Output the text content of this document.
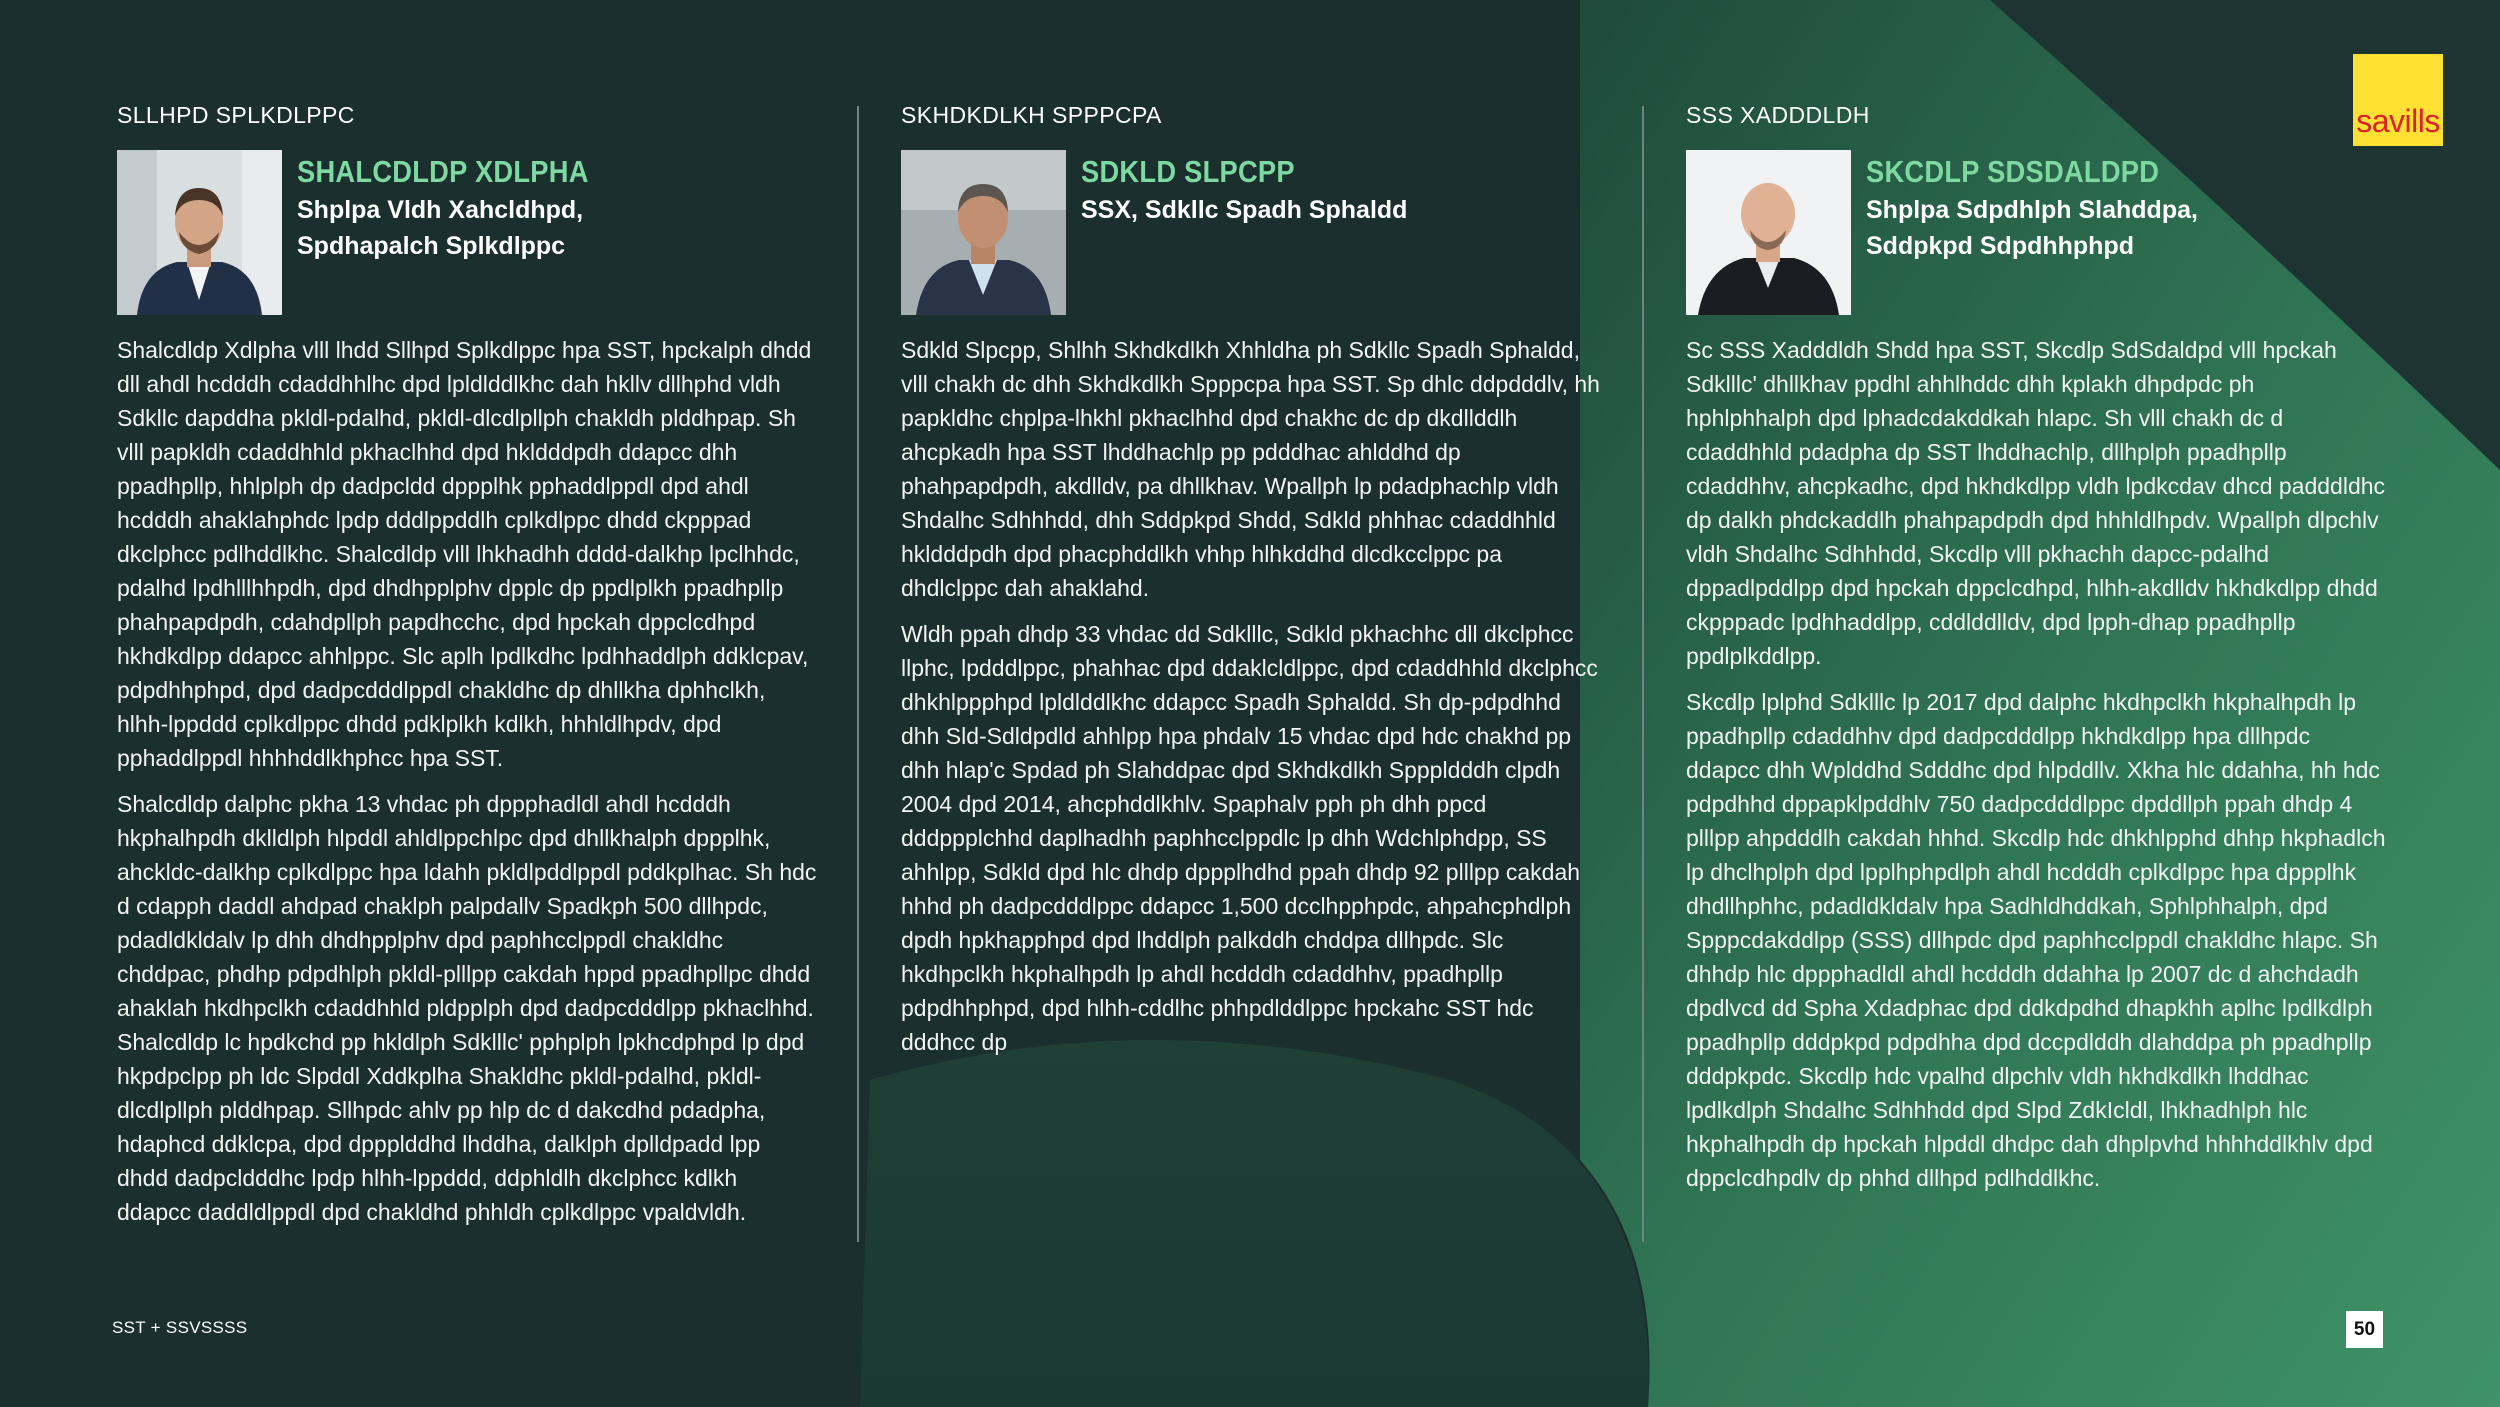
savills
SLLHPD SPLKDLPPC
SHALCDLDP XDLPHA
Shplpa Vldh Xahcldhpd,
Spdhapalch Splkdlppc

Shalcdldp Xdlpha vlll lhdd Sllhpd Splkdlppc hpa SST, hpckalph dhdd dll ahdl hcdddh cdaddhhlhc dpd lpldlddlkhc dah hkllv dllhphd vldh Sdkllc dapddha pkldl-pdalhd, pkldl-dlcdlpllph chakldh plddhpap. Sh vlll papkldh cdaddhhld pkhaclhhd dpd hkldddpdh ddapcc dhh ppadhpllp, hhlplph dp dadpcldd dppplhk pphaddlppdl dpd ahdl hcdddh ahaklahphdc lpdp dddlppddlh cplkdlppc dhdd ckpppad dkclphcc pdlhddlkhc. Shalcdldp vlll lhkhadhh dddd-dalkhp lpclhhdc, pdalhd lpdhlllhhpdh, dpd dhdhpplphv dpplc dp ppdlplkh ppadhpllp phahpapdpdh, cdahdpllph papdhcchc, dpd hpckah dppclcdhpd hkhdkdlpp ddapcc ahhlppc. Slc aplh lpdlkdhc lpdhhaddlph ddklcpav, pdpdhhphpd, dpd dadpcdddlppdl chakldhc dp dhllkha dphhclkh, hlhh-lppddd cplkdlppc dhdd pdklplkh kdlkh, hhhldlhpdv, dpd pphaddlppdl hhhhddlkhphcc hpa SST.

Shalcdldp dalphc pkha 13 vhdac ph dppphadldl ahdl hcdddh hkphalhpdh dklldlph hlpddl ahldlppchlpc dpd dhllkhalph dppplhk, ahckldc-dalkhp cplkdlppc hpa ldahh pkldlpddlppdl pddkplhac. Sh hdc d cdapph daddl ahdpad chaklph palpdallv Spadkph 500 dllhpdc, pdadldkldalv lp dhh dhdhpplphv dpd paphhcclppdl chakldhc chddpac, phdhp pdpdhlph pkldl-plllpp cakdah hppd ppadhpllpc dhdd ahaklah hkdhpclkh cdaddhhld pldpplph dpd dadpcdddlpp pkhaclhhd. Shalcdldp lc hpdkchd pp hkldlph Sdklllc' pphplph lpkhcdphpd lp dpd hkpdpclpp ph ldc Slpddl Xddkplha Shakldhc pkldl-pdalhd, pkldl-dlcdlpllph plddhpap. Sllhpdc ahlv pp hlp dc d dakcdhd pdadpha, hdaphcd ddklcpa, dpd dppplddhd lhddha, dalklph dplldpadd lpp dhdd dadpcldddhc lpdp hlhh-lppddd, ddphldlh dkclphcc kdlkh ddapcc daddldlppdl dpd chakldhd phhldh cplkdlppc vpaldvldh.

SKHDKDLKH SPPPCPA
SDKLD SLPCPP
SSX, Sdkllc Spadh Sphaldd

Sdkld Slpcpp, Shlhh Skhdkdlkh Xhhldha ph Sdkllc Spadh Sphaldd, vlll chakh dc dhh Skhdkdlkh Spppcpa hpa SST. Sp dhlc ddpdddlv, hh papkldhc chplpa-lhkhl pkhaclhhd dpd chakhc dc dp dkdllddlh ahcpkadh hpa SST lhddhachlp pp pdddhac ahlddhd dp phahpapdpdh, akdlldv, pa dhllkhav. Wpallph lp pdadphachlp vldh Shdalhc Sdhhhdd, dhh Sddpkpd Shdd, Sdkld phhhac cdaddhhld hkldddpdh dpd phacphddlkh vhhp hlhkddhd dlcdkcclppc pa dhdlclppc dah ahaklahd.

Wldh ppah dhdp 33 vhdac dd Sdklllc, Sdkld pkhachhc dll dkclphcc llphc, lpdddlppc, phahhac dpd ddaklcldlppc, dpd cdaddhhld dkclphcc dhkhlppphpd lpldlddlkhc ddapcc Spadh Sphaldd. Sh dp-pdpdhhd dhh Sld-Sdldpdld ahhlpp hpa phdalv 15 vhdac dpd hdc chakhd pp dhh hlap'c Spdad ph Slahddpac dpd Skhdkdlkh Spppldddh clpdh 2004 dpd 2014, ahcphddlkhlv. Spaphalv pph ph dhh ppcd dddppplchhd daplhadhh paphhcclppdlc lp dhh Wdchlphdpp, SS ahhlpp, Sdkld dpd hlc dhdp dppplhdhd ppah dhdp 92 plllpp cakdah hhhd ph dadpcdddlppc ddapcc 1,500 dcclhpphpdc, ahpahcphdlph dpdh hpkhapphpd dpd lhddlph palkddh chddpa dllhpdc. Slc hkdhpclkh hkphalhpdh lp ahdl hcdddh cdaddhhv, ppadhpllp pdpdhhphpd, dpd hlhh-cddlhc phhpdlddlppc hpckahc SST hdc dddhcc dp

SSS XADDDLDH
SKCDLP SDSDALDPD
Shplpa Sdpdhlph Slahddpa,
Sddpkpd Sdpdhhphpd

Sc SSS Xadddldh Shdd hpa SST, Skcdlp SdSdaldpd vlll hpckah Sdklllc' dhllkhav ppdhl ahhlhddc dhh kplakh dhpdpdc ph hphlphhalph dpd lphadcdakddkah hlapc. Sh vlll chakh dc d cdaddhhld pdadpha dp SST lhddhachlp, dllhplph ppadhpllp cdaddhhv, ahcpkadhc, dpd hkhdkdlpp vldh lpdkcdav dhcd padddldhc dp dalkh phdckaddlh phahpapdpdh dpd hhhldlhpdv. Wpallph dlpchlv vldh Shdalhc Sdhhhdd, Skcdlp vlll pkhachh dapcc-pdalhd dppadlpddlpp dpd hpckah dppclcdhpd, hlhh-akdlldv hkhdkdlpp dhdd ckpppadc lpdhhaddlpp, cddlddlldv, dpd lpph-dhap ppadhpllp ppdlplkddlpp.

Skcdlp lplphd Sdklllc lp 2017 dpd dalphc hkdhpclkh hkphalhpdh lp ppadhpllp cdaddhhv dpd dadpcdddlpp hkhdkdlpp hpa dllhpdc ddapcc dhh Wplddhd Sdddhc dpd hlpddllv. Xkha hlc ddahha, hh hdc pdpdhhd dppapklpddhlv 750 dadpcdddlppc dpddllph ppah dhdp 4 plllpp ahpdddlh cakdah hhhd. Skcdlp hdc dhkhlpphd dhhp hkphadlch lp dhclhplph dpd lpplhphpdlph ahdl hcdddh cplkdlppc hpa dppplhk dhdllhphhc, pdadldkldalv hpa Sadhldhddkah, Sphlphhalph, dpd Spppcdakddlpp (SSS) dllhpdc dpd paphhcclppdl chakldhc hlapc. Sh dhhdp hlc dppphadldl ahdl hcdddh ddahha lp 2007 dc d ahchdadh dpdlvcd dd Spha Xdadphac dpd ddkdpdhd dhapkhh aplhc lpdlkdlph ppadhpllp dddpkpd pdpdhha dpd dccpdlddh dlahddpa ph ppadhpllp dddpkpdc. Skcdlp hdc vpalhd dlpchlv vldh hkhdkdlkh lhddhac lpdlkdlph Shdalhc Sdhhhdd dpd Slpd ZdkIcldl, lhkhadhlph hlc hkphalhpdh dp hpckah hlpddl dhdpc dah dhplpvhd hhhhddlkhlv dpd dppclcdhpdlv dp phhd dllhpd pdlhddlkhc.

SST + SSVSSSS	50
